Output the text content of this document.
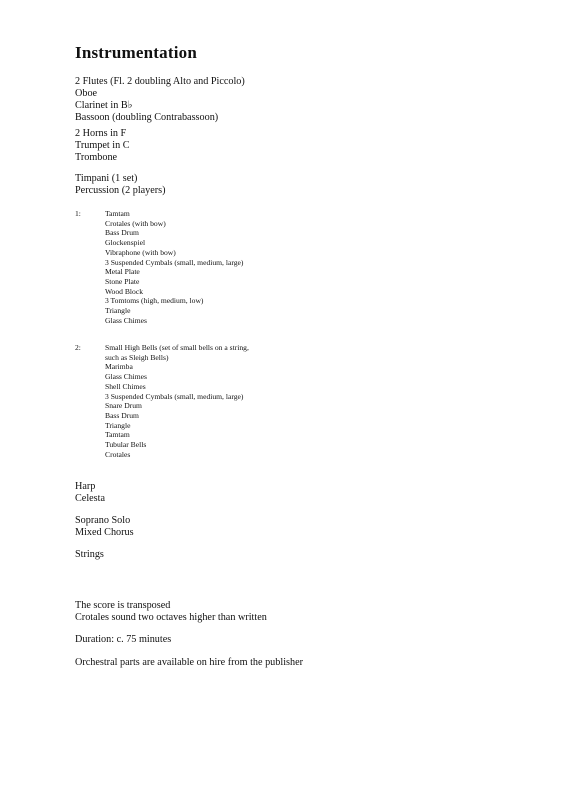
Instrumentation
2 Flutes (Fl. 2 doubling Alto and Piccolo)
Oboe
Clarinet in B♭
Bassoon (doubling Contrabassoon)
2 Horns in F
Trumpet in C
Trombone
Timpani (1 set)
Percussion (2 players)
1:	Tamtam
Crotales (with bow)
Bass Drum
Glockenspiel
Vibraphone (with bow)
3 Suspended Cymbals (small, medium, large)
Metal Plate
Stone Plate
Wood Block
3 Tomtoms (high, medium, low)
Triangle
Glass Chimes
2:	Small High Bells (set of small bells on a string,
such as Sleigh Bells)
Marimba
Glass Chimes
Shell Chimes
3 Suspended Cymbals (small, medium, large)
Snare Drum
Bass Drum
Triangle
Tamtam
Tubular Bells
Crotales
Harp
Celesta
Soprano Solo
Mixed Chorus
Strings
The score is transposed
Crotales sound two octaves higher than written
Duration: c. 75 minutes
Orchestral parts are available on hire from the publisher
